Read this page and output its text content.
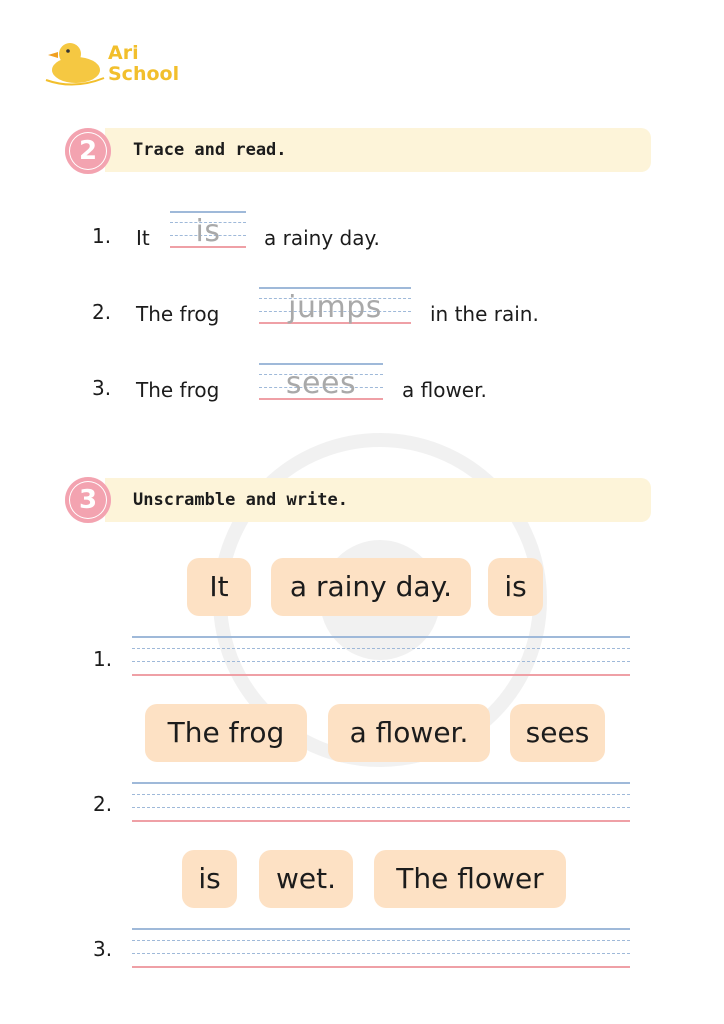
Ari
School
2	Trace and read.
1. It	is	a rainy day.
2. The frog	jumps	in the rain.
3. The frog	sees	a flower.
3	Unscramble and write.
It	a rainy day.	is
1.
The frog	a flower.	sees
2.
is	wet.	The flower
3.
